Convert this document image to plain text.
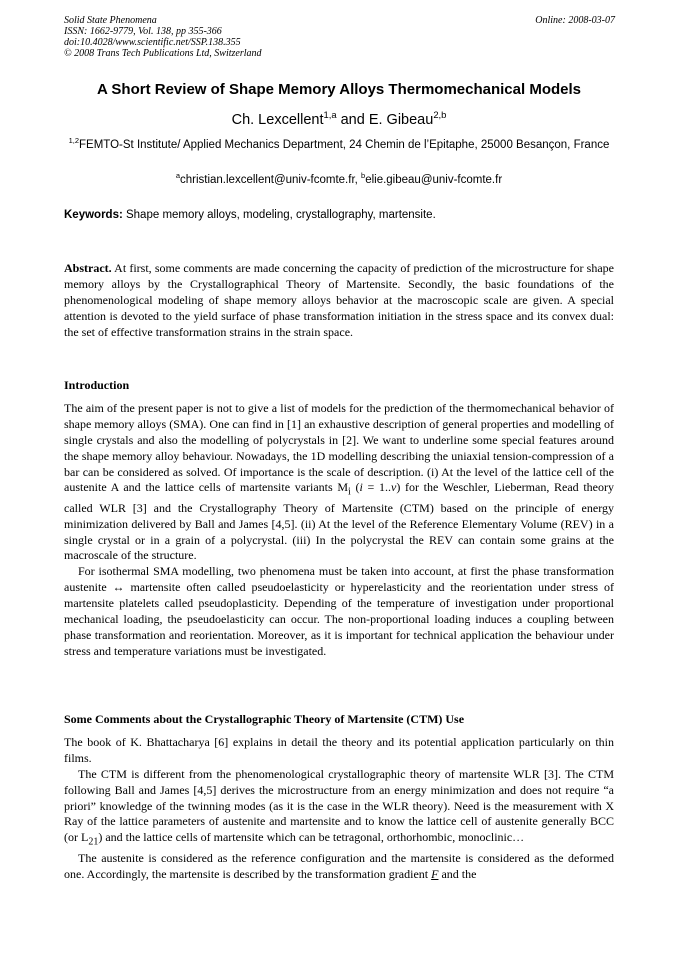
Solid State Phenomena
ISSN: 1662-9779, Vol. 138, pp 355-366
doi:10.4028/www.scientific.net/SSP.138.355
© 2008 Trans Tech Publications Ltd, Switzerland
Online: 2008-03-07
A Short Review of Shape Memory Alloys Thermomechanical Models
Ch. Lexcellent$^{1,a}$ and E. Gibeau$^{2,b}$
$^{1,2}$FEMTO-St Institute/ Applied Mechanics Department, 24 Chemin de l’Epitaphe, 25000 Besançon, France
$^a$christian.lexcellent@univ-fcomte.fr, $^b$elie.gibeau@univ-fcomte.fr
Keywords: Shape memory alloys, modeling, crystallography, martensite.

Abstract. At first, some comments are made concerning the capacity of prediction of the microstructure for shape memory alloys by the Crystallographical Theory of Martensite. Secondly, the basic foundations of the phenomenological modeling of shape memory alloys behavior at the macroscopic scale are given. A special attention is devoted to the yield surface of phase transformation initiation in the stress space and its convex dual: the set of effective transformation strains in the strain space.

Introduction

The aim of the present paper is not to give a list of models for the prediction of the thermomechanical behavior of shape memory alloys (SMA). One can find in [1] an exhaustive description of general properties and modelling of single crystals and also the modelling of polycrystals in [2]. We want to underline some special features around the shape memory alloy behaviour. Nowadays, the 1D modelling describing the uniaxial tension-compression of a bar can be considered as solved. Of importance is the scale of description. (i) At the level of the lattice cell of the austenite A and the lattice cells of martensite variants $M_i$ (i = 1..ν) for the Weschler, Lieberman, Read theory called WLR [3] and the Crystallography Theory of Martensite (CTM) based on the principle of energy minimization delivered by Ball and James [4,5]. (ii) At the level of the Reference Elementary Volume (REV) in a single crystal or in a grain of a polycrystal. (iii) In the polycrystal the REV can contain some grains at the macroscale of the structure.

For isothermal SMA modelling, two phenomena must be taken into account, at first the phase transformation austenite ↔ martensite often called pseudoelasticity or hyperelasticity and the reorientation under stress of martensite platelets called pseudoplasticity. Depending of the temperature of investigation under proportional mechanical loading, the pseudoelasticity can occur. The non-proportional loading induces a coupling between phase transformation and reorientation. Moreover, as it is important for technical application the behaviour under stress and temperature variations must be investigated.

Some Comments about the Crystallographic Theory of Martensite (CTM) Use

The book of K. Bhattacharya [6] explains in detail the theory and its potential application particularly on thin films.

The CTM is different from the phenomenological crystallographic theory of martensite WLR [3]. The CTM following Ball and James [4,5] derives the microstructure from an energy minimization and does not require “a priori” knowledge of the twinning modes (as it is the case in the WLR theory). Need is the measurement with X Ray of the lattice parameters of austenite and martensite and to know the lattice cell of austenite generally BCC (or $L_{21}$) and the lattice cells of martensite which can be tetragonal, orthorhombic, monoclinic…

The austenite is considered as the reference configuration and the martensite is considered as the deformed one. Accordingly, the martensite is described by the transformation gradient F and the
